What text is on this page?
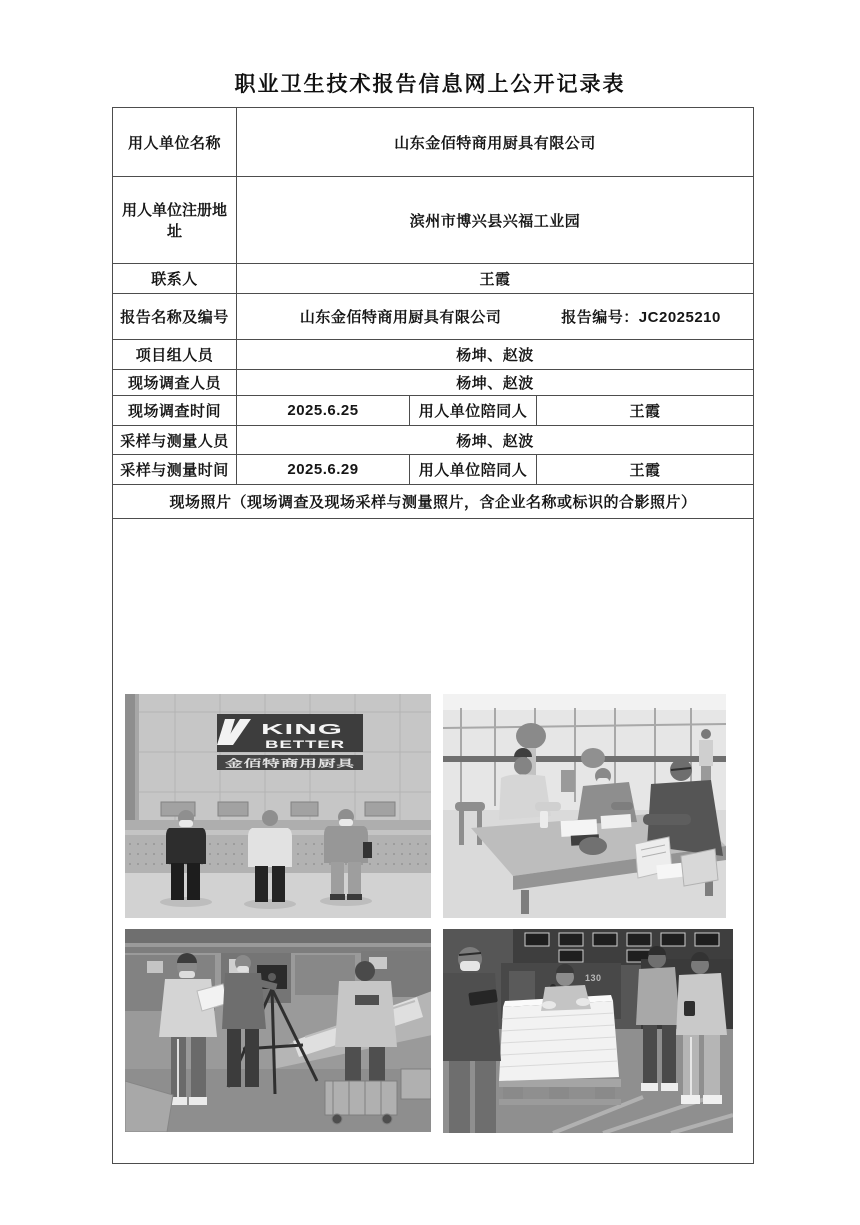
职业卫生技术报告信息网上公开记录表
用人单位名称	山东金佰特商用厨具有限公司		
用人单位注册地址	滨州市博兴县兴福工业园		
联系人	王霞		
报告名称及编号	山东金佰特商用厨具有限公司 报告编号：JC2025210		

项目组人员	杨坤、赵波		
现场调查人员	杨坤、赵波		
现场调查时间	2025.6.25	用人单位陪同人	王霞
采样与测量人员	杨坤、赵波		
采样与测量时间	2025.6.29	用人单位陪同人	王霞
现场照片（现场调查及现场采样与测量照片，含企业名称或标识的合影照片）			

KING
BETTER
金佰特商用厨具
130			
